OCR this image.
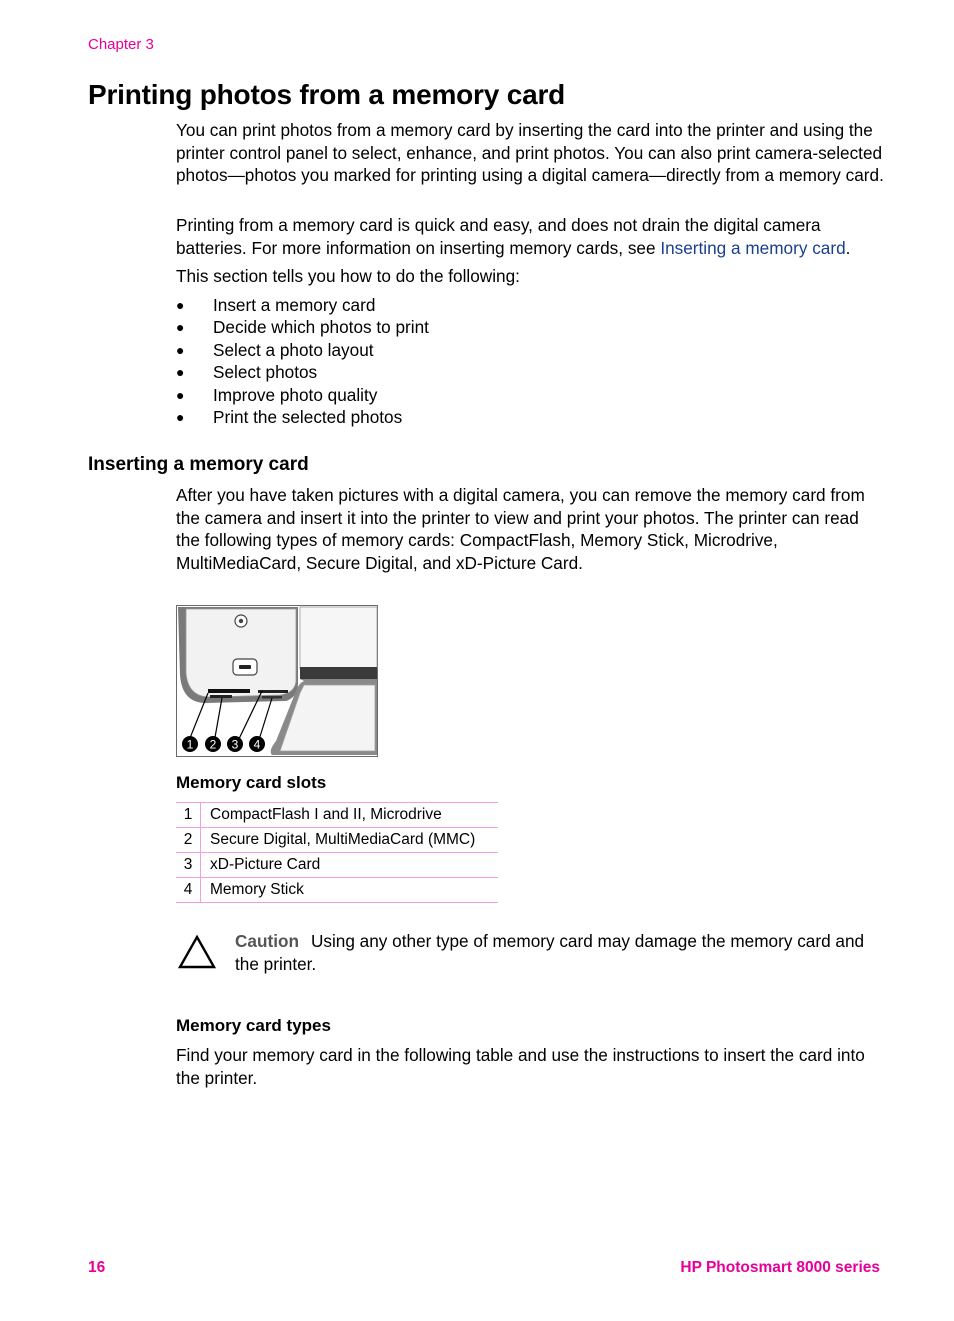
Chapter 3
Printing photos from a memory card

You can print photos from a memory card by inserting the card into the printer and using the printer control panel to select, enhance, and print photos. You can also print camera-selected photos—photos you marked for printing using a digital camera—directly from a memory card.

Printing from a memory card is quick and easy, and does not drain the digital camera batteries. For more information on inserting memory cards, see Inserting a memory card.

This section tells you how to do the following:

● Insert a memory card
● Decide which photos to print
● Select a photo layout
● Select photos
● Improve photo quality
● Print the selected photos
Inserting a memory card

After you have taken pictures with a digital camera, you can remove the memory card from the camera and insert it into the printer to view and print your photos. The printer can read the following types of memory cards: CompactFlash, Memory Stick, Microdrive, MultiMediaCard, Secure Digital, and xD-Picture Card.

1 2 3 4
Memory card slots
1	CompactFlash I and II, Microdrive
2	Secure Digital, MultiMediaCard (MMC)
3	xD-Picture Card
4	Memory Stick
Caution Using any other type of memory card may damage the memory card and the printer.
Memory card types

Find your memory card in the following table and use the instructions to insert the card into the printer.

16	HP Photosmart 8000 series
